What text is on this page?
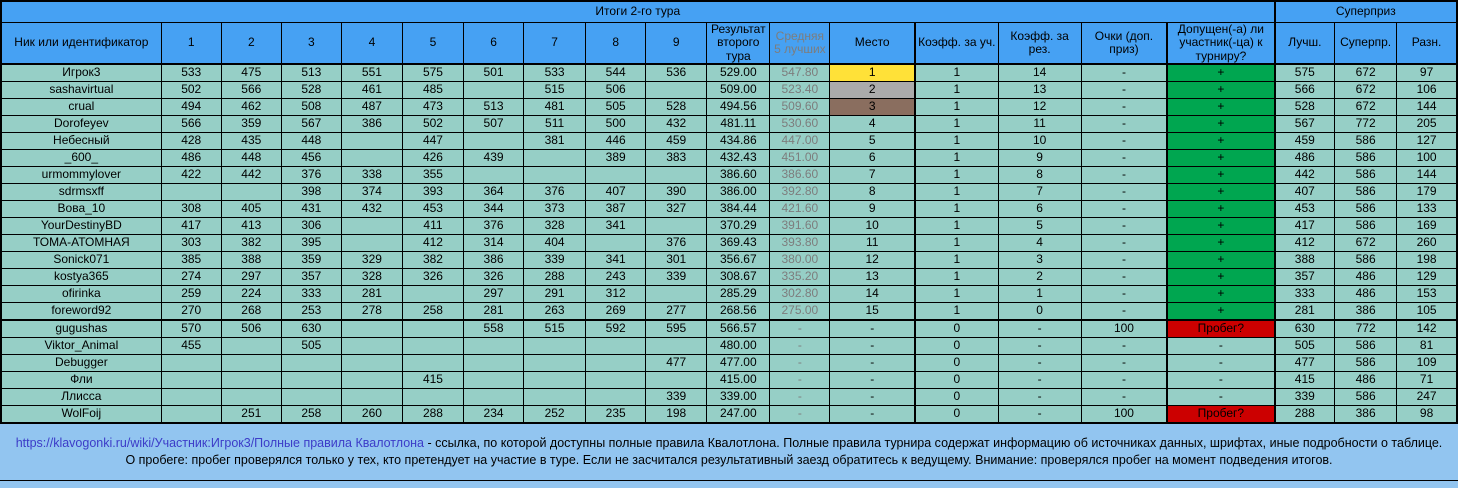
Итоги 2-го тура																	Суперприз		
Ник или идентификатор	1	2	3	4	5	6	7	8	9	Результат второго тура	Средняя 5 лучших	Место	Коэфф. за уч.	Коэфф. за рез.	Очки (доп. приз)	Допущен(-а) ли участник(-ца) к турниру?	Лучш.	Суперпр.	Разн.
Игрок3	533	475	513	551	575	501	533	544	536	529.00	547.80	1	1	14	-	+	575	672	97
sashavirtual	502	566	528	461	485		515	506		509.00	523.40	2	1	13	-	+	566	672	106
crual	494	462	508	487	473	513	481	505	528	494.56	509.60	3	1	12	-	+	528	672	144
Dorofeyev	566	359	567	386	502	507	511	500	432	481.11	530.60	4	1	11	-	+	567	772	205
Небесный	428	435	448		447		381	446	459	434.86	447.00	5	1	10	-	+	459	586	127
_600_	486	448	456		426	439		389	383	432.43	451.00	6	1	9	-	+	486	586	100
urmommylover	422	442	376	338	355					386.60	386.60	7	1	8	-	+	442	586	144
sdrmsxff			398	374	393	364	376	407	390	386.00	392.80	8	1	7	-	+	407	586	179
Вова_10	308	405	431	432	453	344	373	387	327	384.44	421.60	9	1	6	-	+	453	586	133
YourDestinyBD	417	413	306		411	376	328	341		370.29	391.60	10	1	5	-	+	417	586	169
ТОМА-АТОМНАЯ	303	382	395		412	314	404		376	369.43	393.80	11	1	4	-	+	412	672	260
Sonick071	385	388	359	329	382	386	339	341	301	356.67	380.00	12	1	3	-	+	388	586	198
kostya365	274	297	357	328	326	326	288	243	339	308.67	335.20	13	1	2	-	+	357	486	129
ofirinka	259	224	333	281		297	291	312		285.29	302.80	14	1	1	-	+	333	486	153
foreword92	270	268	253	278	258	281	263	269	277	268.56	275.00	15	1	0	-	+	281	386	105
gugushas	570	506	630			558	515	592	595	566.57	-	-	0	-	100	Пробег?	630	772	142
Viktor_Animal	455		505							480.00	-	-	0	-	-	-	505	586	81
Debugger									477	477.00	-	-	0	-	-	-	477	586	109
Фли					415					415.00	-	-	0	-	-	-	415	486	71
Ллисса									339	339.00	-	-	0	-	-	-	339	586	247
WolFoij		251	258	260	288	234	252	235	198	247.00	-	-	0	-	100	Пробег?	288	386	98
https://klavogonki.ru/wiki/Участник:Игрок3/Полные правила Квалотлона - ссылка, по которой доступны полные правила Квалотлона. Полные правила турнира содержат информацию об источниках данных, шрифтах, иные подробности о таблице. О пробеге: пробег проверялся только у тех, кто претендует на участие в туре. Если не засчитался результативный заезд обратитесь к ведущему. Внимание: проверялся пробег на момент подведения итогов.
